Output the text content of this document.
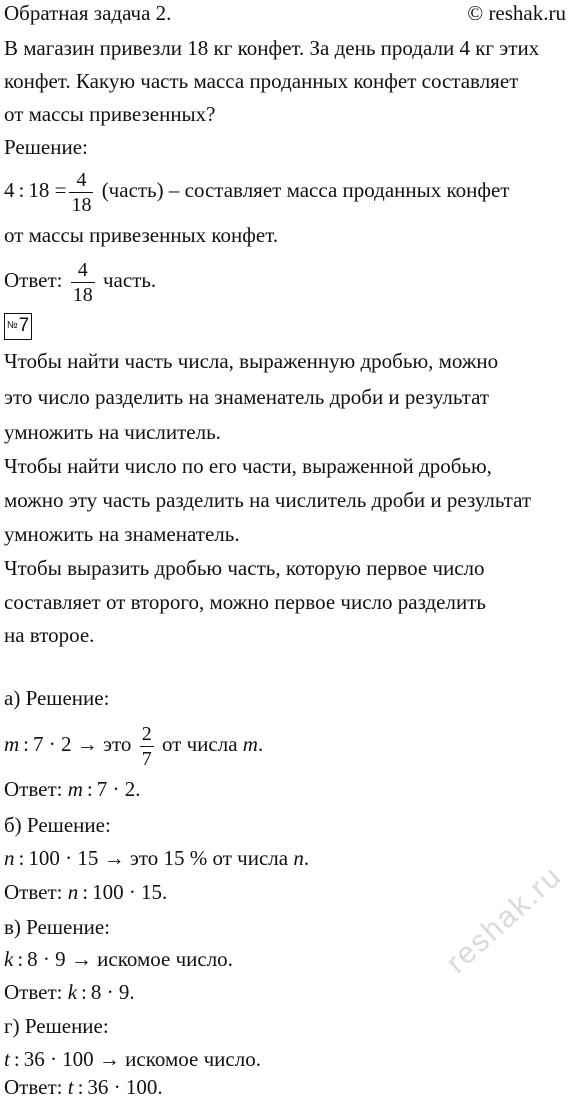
Обратная задача 2.	© reshak.ru
В магазин привезли 18 кг конфет. За день продали 4 кг этих
конфет. Какую часть масса проданных конфет составляет
от массы привезенных?
Решение:
4 : $18 = \frac{4}{18}$ (часть) – составляет масса проданных конфет
от массы привезенных конфет.
Ответ: $\frac{4}{18}$ часть.
№7
Чтобы найти часть числа, выраженную дробью, можно
это число разделить на знаменатель дроби и результат
умножить на числитель.
Чтобы найти число по его части, выраженной дробью,
можно эту часть разделить на числитель дроби и результат
умножить на знаменатель.
Чтобы выразить дробью часть, которую первое число
составляет от второго, можно первое число разделить
на второе.
а) Решение:
m : 7 · 2 → это $\frac{2}{7}$ от числа m.
Ответ: m : 7 · 2.
б) Решение:
n : 100 · 15 → это 15 % от числа n.
Ответ: n : 100 · 15.
в) Решение:
k : 8 · 9 → искомое число.
Ответ: k : 8 · 9.
г) Решение:
t : 36 · 100 → искомое число.
Ответ: t : 36 · 100.
reshak.ru
